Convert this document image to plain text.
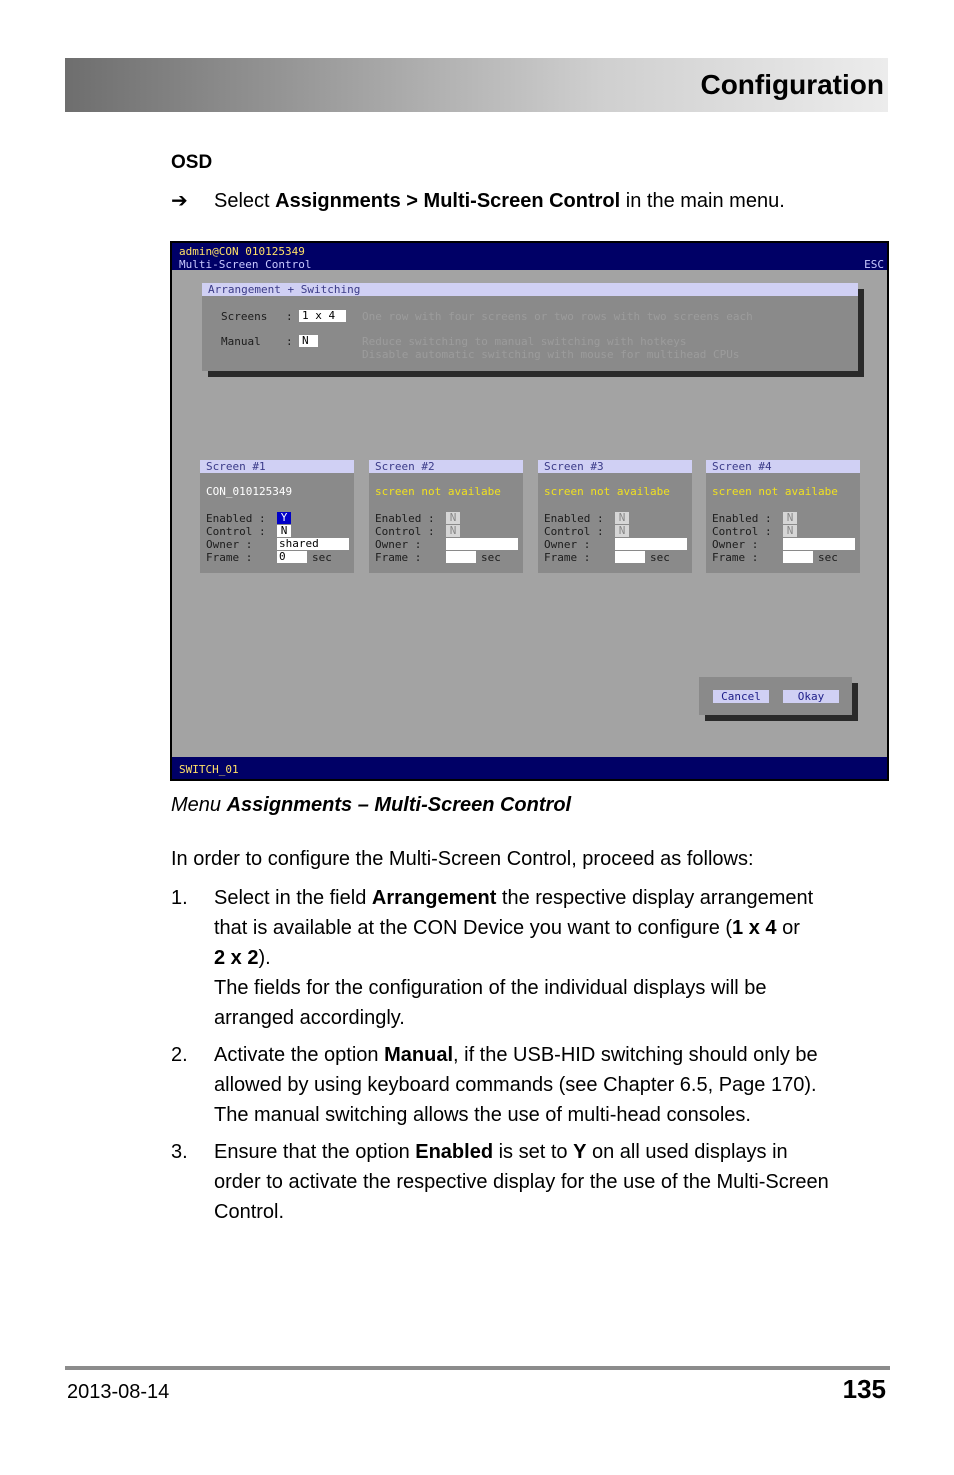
Configuration
OSD
➔ Select Assignments > Multi-Screen Control in the main menu.
admin@CON 010125349
Multi-Screen Control	ESC
Arrangement + Switching
Screens : 1 x 4	One row with four screens or two rows with two screens each
Manual : N	Reduce switching to manual switching with hotkeys
Disable automatic switching with mouse for multihead CPUs
Screen #1
CON_010125349
Enabled :	Y
Control :	N
Owner : shared
Frame : 0	sec
Screen #2
screen not availabe
Enabled :	N
Control :	N
Owner :
Frame :	sec
Screen #3
screen not availabe
Enabled :	N
Control :	N
Owner :
Frame :	sec
Screen #4
screen not availabe
Enabled :	N
Control :	N
Owner :
Frame :	sec
Cancel	Okay
SWITCH_01
Menu Assignments – Multi-Screen Control
In order to configure the Multi-Screen Control, proceed as follows:
1. Select in the field Arrangement the respective display arrangement
that is available at the CON Device you want to configure (1 x 4 or
2 x 2).
The fields for the configuration of the individual displays will be
arranged accordingly.
2. Activate the option Manual, if the USB-HID switching should only be
allowed by using keyboard commands (see Chapter 6.5, Page 170).
The manual switching allows the use of multi-head consoles.
3. Ensure that the option Enabled is set to Y on all used displays in
order to activate the respective display for the use of the Multi-Screen
Control.
2013-08-14	135
